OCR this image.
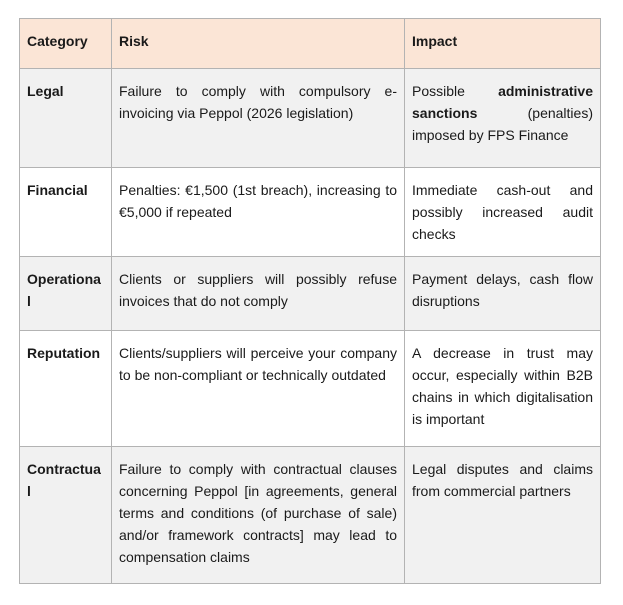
Category	Risk	Impact
Legal	Failure to comply with compulsory e-invoicing via Peppol (2026 legislation)	Possible administrative sanctions (penalties) imposed by FPS Finance
Financial	Penalties: €1,500 (1st breach), increasing to €5,000 if repeated	Immediate cash-out and possibly increased audit checks
Operational	Clients or suppliers will possibly refuse invoices that do not comply	Payment delays, cash flow disruptions
Reputation	Clients/suppliers will perceive your company to be non-compliant or technically outdated	A decrease in trust may occur, especially within B2B chains in which digitalisation is important
Contractual	Failure to comply with contractual clauses concerning Peppol [in agreements, general terms and conditions (of purchase of sale) and/or framework contracts] may lead to compensation claims	Legal disputes and claims from commercial partners
